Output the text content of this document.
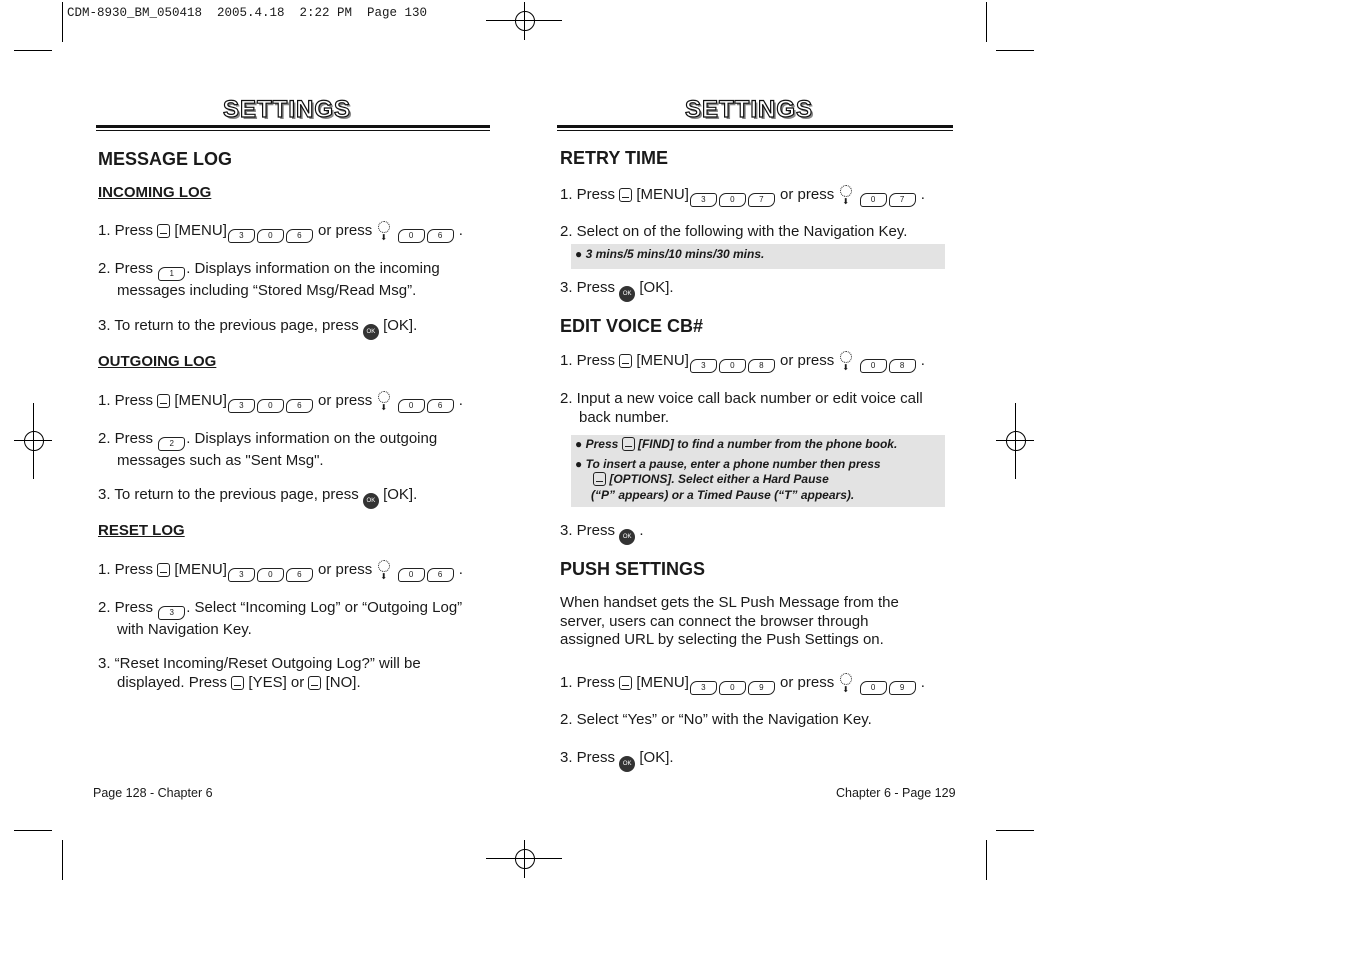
CDM-8930_BM_050418  2005.4.18  2:22 PM  Page 130
SETTINGS
MESSAGE LOG
INCOMING LOG
1. Press [MENU] 3	0	6 or press ⬇	0	6 .
2. Press 1 . Displays information on the incoming
messages including “Stored Msg/Read Msg”.
3. To return to the previous page, press OK [OK].
OUTGOING LOG
1. Press [MENU] 3	0	6 or press ⬇	0	6 .
2. Press 2 . Displays information on the outgoing
messages such as "Sent Msg".
3. To return to the previous page, press OK [OK].
RESET LOG
1. Press [MENU] 3	0	6 or press ⬇	0	6 .
2. Press 3 . Select “Incoming Log” or “Outgoing Log”
with Navigation Key.
3. “Reset Incoming/Reset Outgoing Log?” will be
displayed. Press [YES] or [NO].
Page 128 - Chapter 6
SETTINGS
RETRY TIME
1. Press [MENU] 3	0	7 or press ⬇	0	7 .
2. Select on of the following with the Navigation Key.
● 3 mins/5 mins/10 mins/30 mins.
3. Press OK [OK].
EDIT VOICE CB#
1. Press [MENU] 3	0	8 or press ⬇	0	8 .
2. Input a new voice call back number or edit voice call
back number.
● Press [FIND] to find a number from the phone book.
● To insert a pause, enter a phone number then press
[OPTIONS]. Select either a Hard Pause
(“P” appears) or a Timed Pause (“T” appears).
3. Press OK .
PUSH SETTINGS
When handset gets the SL Push Message from the
server, users can connect the browser through
assigned URL by selecting the Push Settings on.
1. Press [MENU] 3	0	9 or press ⬇	0	9 .
2. Select “Yes” or “No” with the Navigation Key.
3. Press OK [OK].
Chapter 6 - Page 129
